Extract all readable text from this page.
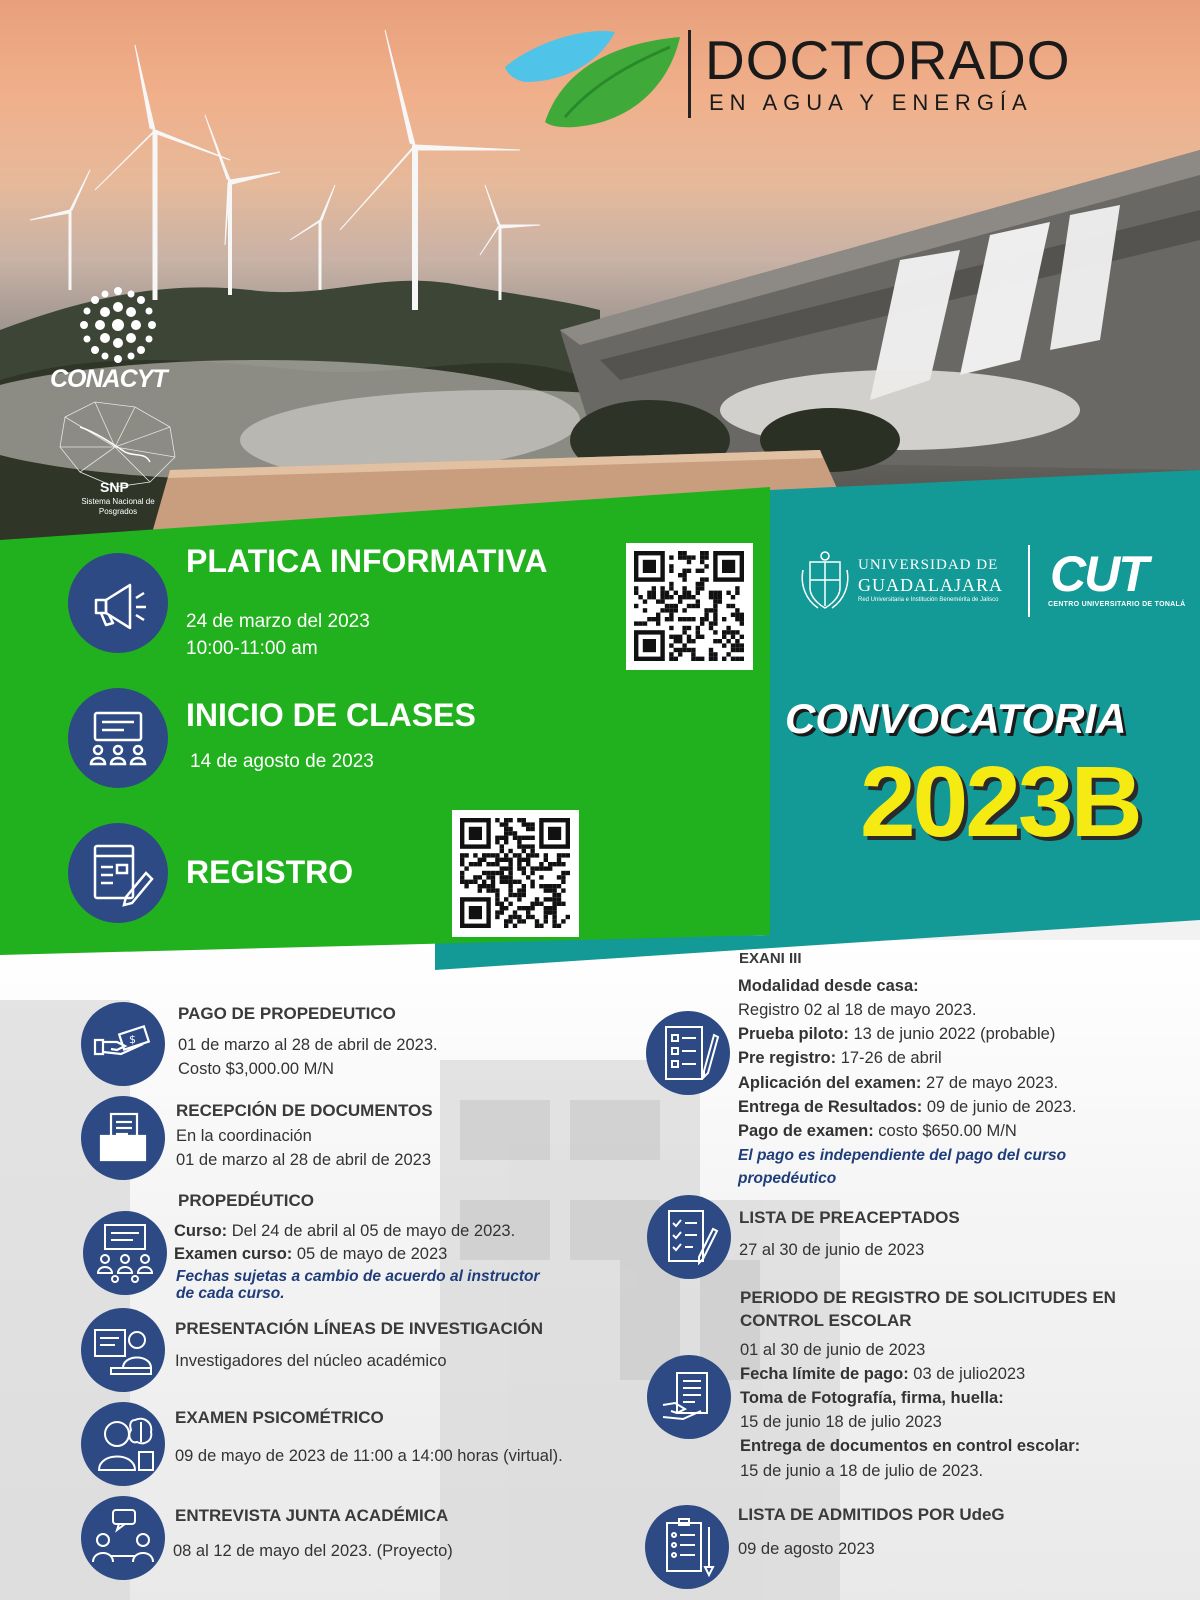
DOCTORADO
EN AGUA Y ENERGÍA
CONACYT
SNP
Sistema Nacional de Posgrados
PLATICA INFORMATIVA
24 de marzo del 2023
10:00-11:00 am
INICIO DE CLASES
14 de agosto de 2023
REGISTRO
UNIVERSIDAD DE
GUADALAJARA
Red Universitaria e Institución Benemérita de Jalisco CUT
CENTRO UNIVERSITARIO DE TONALÁ
CONVOCATORIA
2023B
$
PAGO DE PROPEDEUTICO
01 de marzo al 28 de abril de 2023.
Costo $3,000.00 M/N
RECEPCIÓN DE DOCUMENTOS
En la coordinación
01 de marzo al 28 de abril de 2023
PROPEDÉUTICO
Curso: Del 24 de abril al 05 de mayo de 2023.
Examen curso: 05 de mayo de 2023
Fechas sujetas a cambio de acuerdo al instructor
de cada curso.
PRESENTACIÓN LÍNEAS DE INVESTIGACIÓN
Investigadores del núcleo académico
EXAMEN PSICOMÉTRICO
09 de mayo de 2023 de 11:00 a 14:00 horas (virtual).
ENTREVISTA JUNTA ACADÉMICA
08 al 12 de mayo del 2023. (Proyecto)
EXANI III
Modalidad desde casa:
Registro 02 al 18 de mayo 2023.
Prueba piloto: 13 de junio 2022 (probable)
Pre registro: 17-26 de abril
Aplicación del examen: 27 de mayo 2023.
Entrega de Resultados: 09 de junio de 2023.
Pago de examen: costo $650.00 M/N
El pago es independiente del pago del curso
propedéutico
LISTA DE PREACEPTADOS
27 al 30 de junio de 2023
PERIODO DE REGISTRO DE SOLICITUDES EN
CONTROL ESCOLAR
01 al 30 de junio de 2023
Fecha límite de pago: 03 de julio2023
Toma de Fotografía, firma, huella:
15 de junio 18 de julio 2023
Entrega de documentos en control escolar:
15 de junio a 18 de julio de 2023.
LISTA DE ADMITIDOS POR UdeG
09 de agosto 2023
